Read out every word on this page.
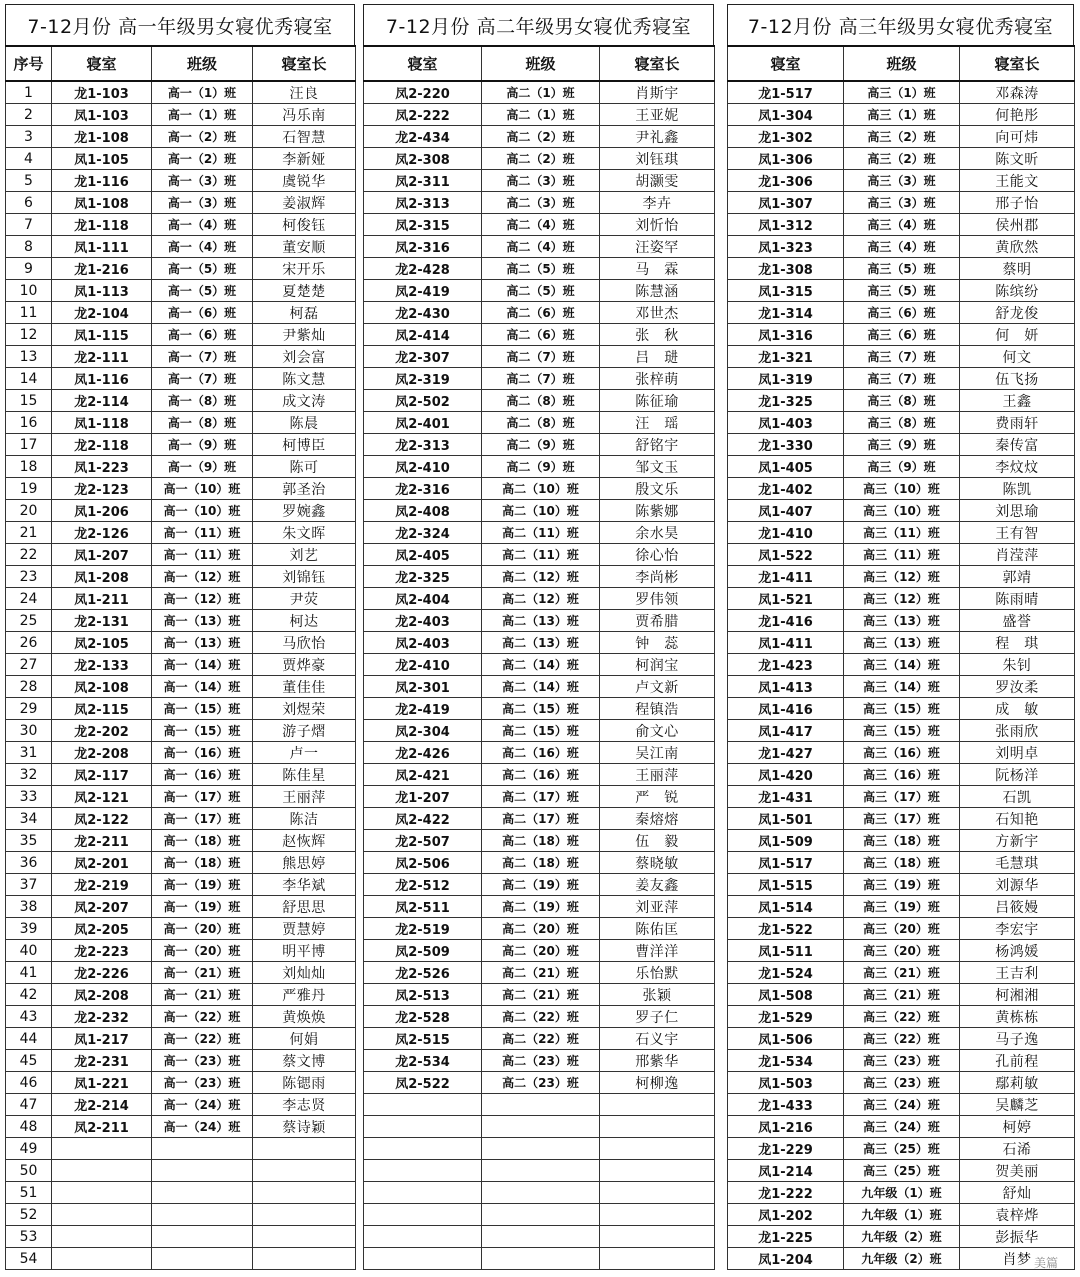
7-12月份 高一年级男女寝优秀寝室
序号	寝室	班级	寝室长
1	龙1-103	高一（1）班	汪良
2	凤1-103	高一（1）班	冯乐南
3	龙1-108	高一（2）班	石智慧
4	凤1-105	高一（2）班	李新娅
5	龙1-116	高一（3）班	虞锐华
6	凤1-108	高一（3）班	姜淑辉
7	龙1-118	高一（4）班	柯俊钰
8	凤1-111	高一（4）班	董安顺
9	龙1-216	高一（5）班	宋开乐
10	凤1-113	高一（5）班	夏楚楚
11	龙2-104	高一（6）班	柯磊
12	凤1-115	高一（6）班	尹紫灿
13	龙2-111	高一（7）班	刘会富
14	凤1-116	高一（7）班	陈文慧
15	龙2-114	高一（8）班	成文涛
16	凤1-118	高一（8）班	陈晨
17	龙2-118	高一（9）班	柯博臣
18	凤1-223	高一（9）班	陈可
19	龙2-123	高一（10）班	郭圣治
20	凤1-206	高一（10）班	罗婉鑫
21	龙2-126	高一（11）班	朱文晖
22	凤1-207	高一（11）班	刘艺
23	凤1-208	高一（12）班	刘锦钰
24	凤1-211	高一（12）班	尹荧
25	龙2-131	高一（13）班	柯达
26	凤2-105	高一（13）班	马欣怡
27	龙2-133	高一（14）班	贾烨豪
28	凤2-108	高一（14）班	董佳佳
29	凤2-115	高一（15）班	刘煜荣
30	龙2-202	高一（15）班	游子熠
31	龙2-208	高一（16）班	卢一
32	凤2-117	高一（16）班	陈佳星
33	凤2-121	高一（17）班	王丽萍
34	凤2-122	高一（17）班	陈洁
35	龙2-211	高一（18）班	赵恢辉
36	凤2-201	高一（18）班	熊思婷
37	龙2-219	高一（19）班	李华斌
38	凤2-207	高一（19）班	舒思思
39	凤2-205	高一（20）班	贾慧婷
40	龙2-223	高一（20）班	明平博
41	龙2-226	高一（21）班	刘灿灿
42	凤2-208	高一（21）班	严雅丹
43	龙2-232	高一（22）班	黄焕焕
44	凤1-217	高一（22）班	何娟
45	龙2-231	高一（23）班	蔡文博
46	凤1-221	高一（23）班	陈锶雨
47	龙2-214	高一（24）班	李志贤
48	凤2-211	高一（24）班	蔡诗颖
49			
50			
51			
52			
53			
54			
7-12月份 高二年级男女寝优秀寝室
寝室	班级	寝室长
凤2-220	高二（1）班	肖斯宇
凤2-222	高二（1）班	王亚妮
龙2-434	高二（2）班	尹礼鑫
凤2-308	高二（2）班	刘钰琪
凤2-311	高二（3）班	胡灏雯
凤2-313	高二（3）班	李卉
凤2-315	高二（4）班	刘忻怡
凤2-316	高二（4）班	汪姿罕
龙2-428	高二（5）班	马　霖
凤2-419	高二（5）班	陈慧涵
龙2-430	高二（6）班	邓世杰
凤2-414	高二（6）班	张　秋
龙2-307	高二（7）班	吕　琎
凤2-319	高二（7）班	张梓萌
凤2-502	高二（8）班	陈征瑜
凤2-401	高二（8）班	汪　瑶
龙2-313	高二（9）班	舒铭宇
凤2-410	高二（9）班	邹文玉
龙2-316	高二（10）班	殷文乐
凤2-408	高二（10）班	陈紫娜
龙2-324	高二（11）班	余水昊
凤2-405	高二（11）班	徐心怡
龙2-325	高二（12）班	李尚彬
凤2-404	高二（12）班	罗伟领
龙2-403	高二（13）班	贾希腊
凤2-403	高二（13）班	钟　蕊
龙2-410	高二（14）班	柯润宝
凤2-301	高二（14）班	卢文新
龙2-419	高二（15）班	程镇浩
凤2-304	高二（15）班	俞文心
龙2-426	高二（16）班	吴江南
凤2-421	高二（16）班	王丽萍
龙1-207	高二（17）班	严　锐
凤2-422	高二（17）班	秦熔熔
龙2-507	高二（18）班	伍　毅
凤2-506	高二（18）班	蔡晓敏
龙2-512	高二（19）班	姜友鑫
凤2-511	高二（19）班	刘亚萍
龙2-519	高二（20）班	陈佑匡
凤2-509	高二（20）班	曹洋洋
龙2-526	高二（21）班	乐怡默
凤2-513	高二（21）班	张颖
龙2-528	高二（22）班	罗子仁
凤2-515	高二（22）班	石义宇
龙2-534	高二（23）班	邢紫华
凤2-522	高二（23）班	柯柳逸

7-12月份 高三年级男女寝优秀寝室
寝室	班级	寝室长
龙1-517	高三（1）班	邓森涛
凤1-304	高三（1）班	何艳彤
龙1-302	高三（2）班	向可炜
凤1-306	高三（2）班	陈文昕
龙1-306	高三（3）班	王能文
凤1-307	高三（3）班	邢子怡
凤1-312	高三（4）班	侯州郡
凤1-323	高三（4）班	黄欣然
龙1-308	高三（5）班	蔡明
凤1-315	高三（5）班	陈缤纷
龙1-314	高三（6）班	舒龙俊
凤1-316	高三（6）班	何　妍
龙1-321	高三（7）班	何文
凤1-319	高三（7）班	伍飞扬
龙1-325	高三（8）班	王鑫
凤1-403	高三（8）班	费雨轩
龙1-330	高三（9）班	秦传富
凤1-405	高三（9）班	李炆炆
龙1-402	高三（10）班	陈凯
凤1-407	高三（10）班	刘思瑜
龙1-410	高三（11）班	王有智
凤1-522	高三（11）班	肖滢萍
龙1-411	高三（12）班	郭靖
凤1-521	高三（12）班	陈雨晴
龙1-416	高三（13）班	盛誉
凤1-411	高三（13）班	程　琪
龙1-423	高三（14）班	朱钊
凤1-413	高三（14）班	罗汝柔
凤1-416	高三（15）班	成　敏
凤1-417	高三（15）班	张雨欣
龙1-427	高三（16）班	刘明卓
凤1-420	高三（16）班	阮杨洋
龙1-431	高三（17）班	石凯
凤1-501	高三（17）班	石知艳
凤1-509	高三（18）班	方新宇
凤1-517	高三（18）班	毛慧琪
凤1-515	高三（19）班	刘源华
凤1-514	高三（19）班	吕筱嫚
龙1-522	高三（20）班	李宏宇
凤1-511	高三（20）班	杨鸿媛
龙1-524	高三（21）班	王吉利
凤1-508	高三（21）班	柯湘湘
龙1-529	高三（22）班	黄栋栋
凤1-506	高三（22）班	马子逸
龙1-534	高三（23）班	孔前程
凤1-503	高三（23）班	鄢莉敏
龙1-433	高三（24）班	吴麟芝
凤1-216	高三（24）班	柯婷
龙1-229	高三（25）班	石浠
凤1-214	高三（25）班	贺美丽
龙1-222	九年级（1）班	舒灿
凤1-202	九年级（1）班	袁梓烨
龙1-225	九年级（2）班	彭振华
凤1-204	九年级（2）班	肖梦 美篇
